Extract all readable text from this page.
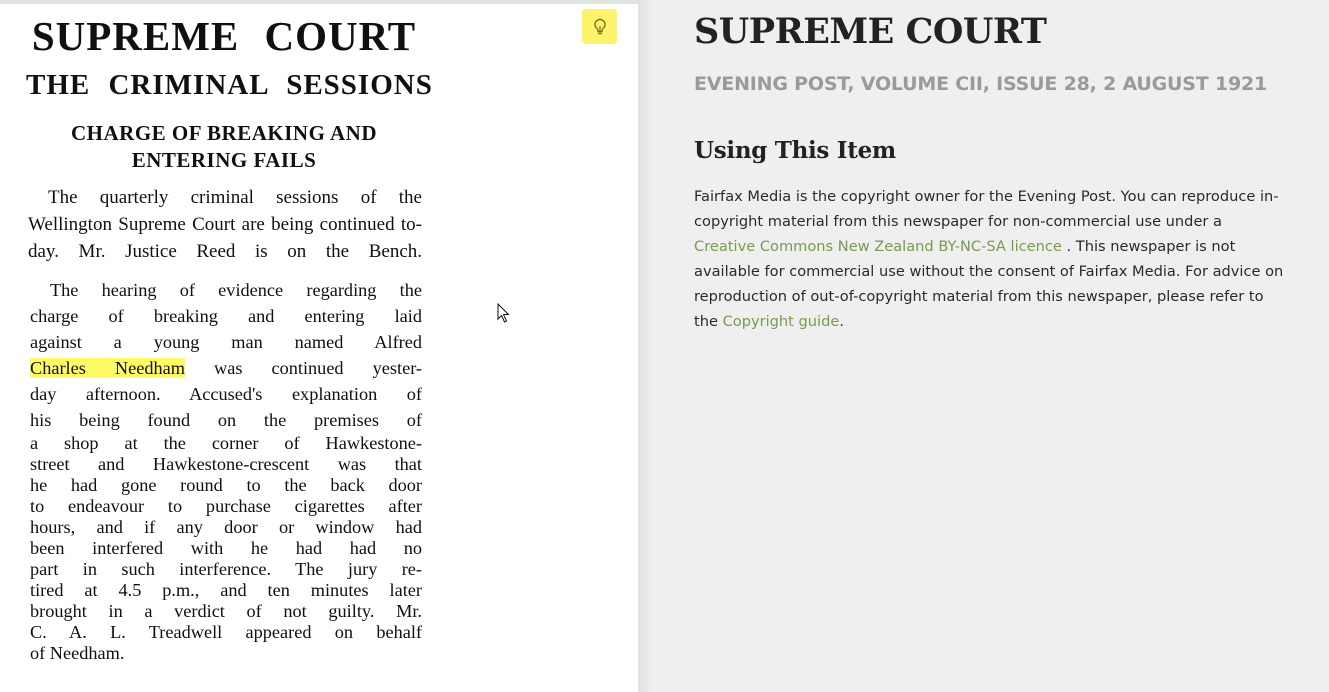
SUPREME COURT
THE CRIMINAL SESSIONS
CHARGE OF BREAKING AND
ENTERING FAILS
The quarterly criminal sessions of the Wellington Supreme Court are being continued to-day. Mr. Justice Reed is on the Bench.
The hearing of evidence regarding the
charge of breaking and entering laid
against a young man named Alfred
Charles Needham was continued yester-
day afternoon. Accused's explanation of
his being found on the premises of
a shop at the corner of Hawkestone-
street and Hawkestone-crescent was that
he had gone round to the back door
to endeavour to purchase cigarettes after
hours, and if any door or window had
been interfered with he had had no
part in such interference. The jury re-
tired at 4.5 p.m., and ten minutes later
brought in a verdict of not guilty. Mr.
C. A. L. Treadwell appeared on behalf
of Needham.
SUPREME COURT
EVENING POST, VOLUME CII, ISSUE 28, 2 AUGUST 1921
Using This Item

Fairfax Media is the copyright owner for the Evening Post. You can reproduce in-copyright material from this newspaper for non-commercial use under a Creative Commons New Zealand BY-NC-SA licence . This newspaper is not available for commercial use without the consent of Fairfax Media. For advice on reproduction of out-of-copyright material from this newspaper, please refer to the Copyright guide.
